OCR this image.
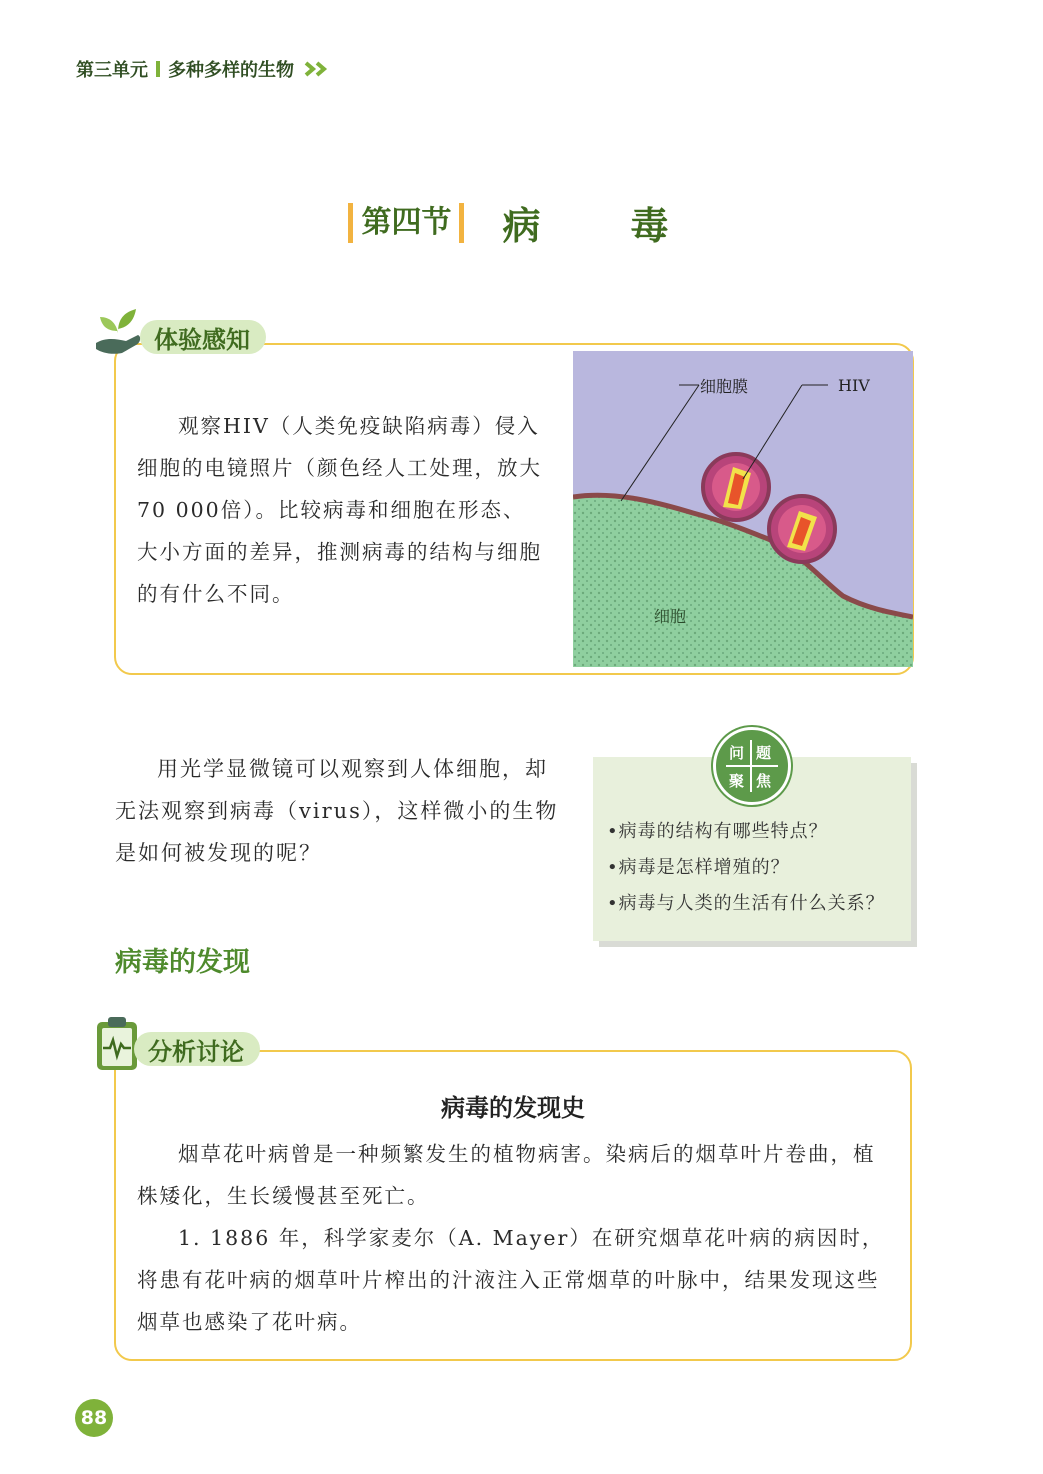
第三单元 多种多样的生物
第四节	病　毒
体验感知
观察HIV（人类免疫缺陷病毒）侵入细胞的电镜照片（颜色经人工处理，放大70 000倍）。比较病毒和细胞在形态、大小方面的差异，推测病毒的结构与细胞的有什么不同。
细胞膜	HIV
细胞
用光学显微镜可以观察到人体细胞，却无法观察到病毒（virus），这样微小的生物是如何被发现的呢？
问 题
聚 焦
•病毒的结构有哪些特点？
•病毒是怎样增殖的？
•病毒与人类的生活有什么关系？
病毒的发现
分析讨论
病毒的发现史
烟草花叶病曾是一种频繁发生的植物病害。染病后的烟草叶片卷曲，植株矮化，生长缓慢甚至死亡。
1. 1886 年，科学家麦尔（A. Mayer）在研究烟草花叶病的病因时，将患有花叶病的烟草叶片榨出的汁液注入正常烟草的叶脉中，结果发现这些烟草也感染了花叶病。
88
